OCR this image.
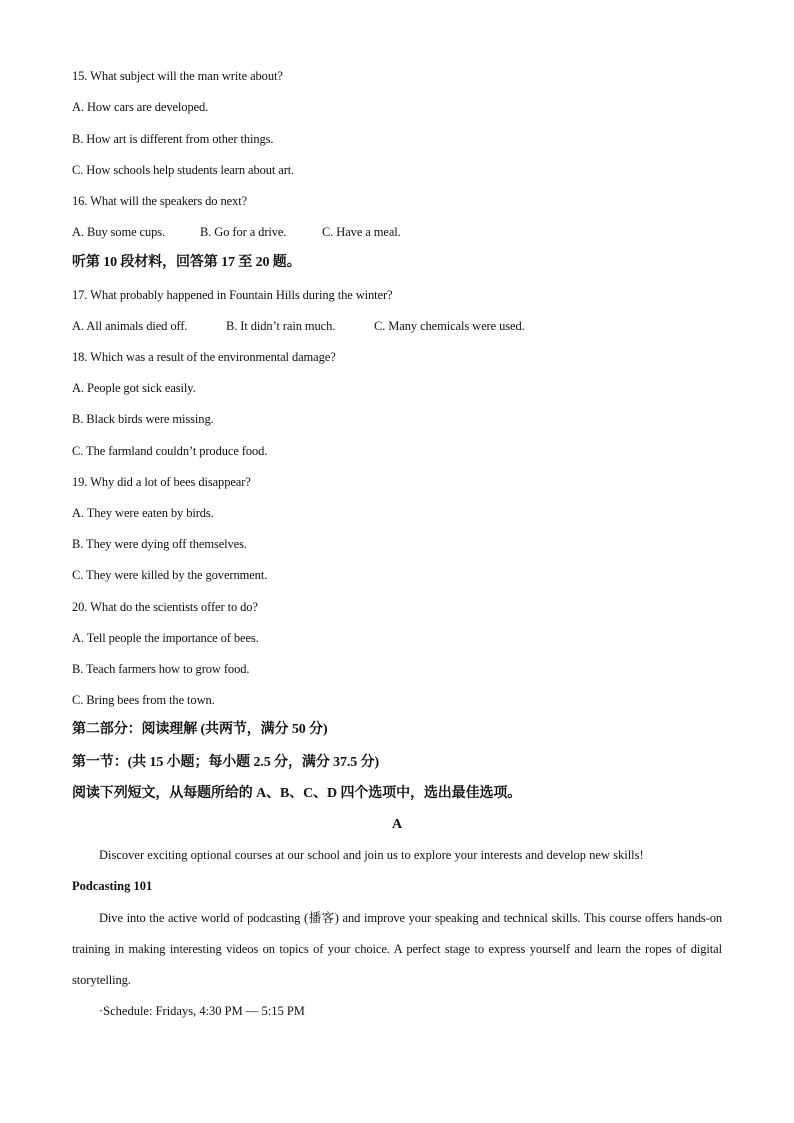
15. What subject will the man write about?
A. How cars are developed.
B. How art is different from other things.
C. How schools help students learn about art.
16. What will the speakers do next?
A. Buy some cups.	B. Go for a drive.	C. Have a meal.
听第 10 段材料，回答第 17 至 20 题。
17. What probably happened in Fountain Hills during the winter?
A. All animals died off.	B. It didn’t rain much.	C. Many chemicals were used.
18. Which was a result of the environmental damage?
A. People got sick easily.
B. Black birds were missing.
C. The farmland couldn’t produce food.
19. Why did a lot of bees disappear?
A. They were eaten by birds.
B. They were dying off themselves.
C. They were killed by the government.
20. What do the scientists offer to do?
A. Tell people the importance of bees.
B. Teach farmers how to grow food.
C. Bring bees from the town.
第二部分：阅读理解 (共两节，满分 50 分)
第一节：(共 15 小题；每小题 2.5 分，满分 37.5 分)
阅读下列短文，从每题所给的 A、B、C、D 四个选项中，选出最佳选项。
A
Discover exciting optional courses at our school and join us to explore your interests and develop new skills!
Podcasting 101
Dive into the active world of podcasting (播客) and improve your speaking and technical skills. This course offers hands-on training in making interesting videos on topics of your choice. A perfect stage to express yourself and learn the ropes of digital storytelling.
·Schedule: Fridays, 4:30 PM — 5:15 PM
